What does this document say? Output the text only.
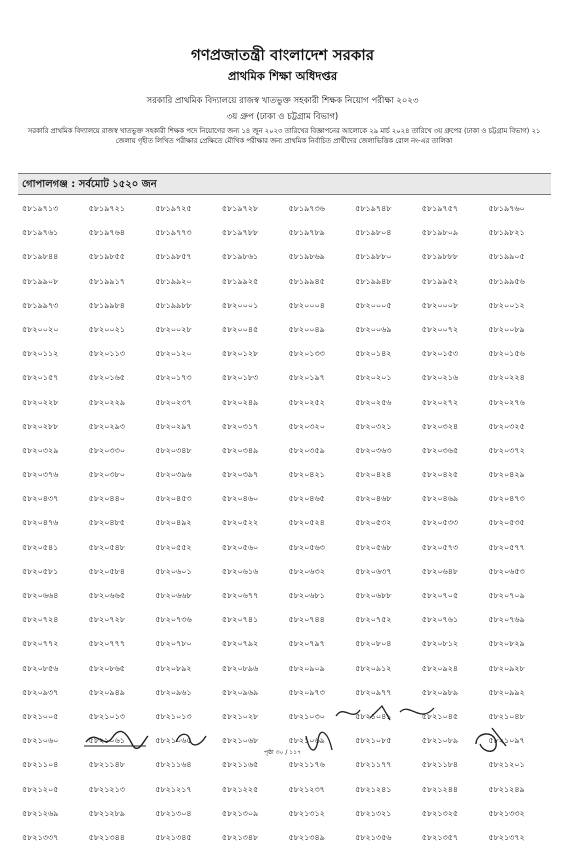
গণপ্রজাতন্ত্রী বাংলাদেশ সরকার
প্রাথমিক শিক্ষা অধিদপ্তর
সরকারি প্রাথমিক বিদ্যালয়ে রাজস্ব খাতভুক্ত সহকারী শিক্ষক নিয়োগ পরীক্ষা ২০২৩
৩য় গ্রুপ (ঢাকা ও চট্টগ্রাম বিভাগ)
সরকারি প্রাথমিক বিদ্যালয়ে রাজস্ব খাতভুক্ত সহকারী শিক্ষক পদে নিয়োগের জন্য ১৪ জুন ২০২৩ তারিখের বিজ্ঞাপনের আলোকে ২৯ মার্চ ২০২৪ তারিখে ৩য় গ্রুপের (ঢাকা ও চট্টগ্রাম বিভাগ) ২১ জেলায় গৃহীত লিখিত পরীক্ষার প্রেক্ষিতে মৌখিক পরীক্ষার জন্য প্রাথমিক নির্বাচিত প্রার্থীদের জেলাভিত্তিক রোল নং-এর তালিকা
গোপালগঞ্জ : সর্বমোট ১৫২০ জন
৫৮১৯৭১৩	৫৮১৯৭২১	৫৮১৯৭২৫	৫৮১৯৭২৮	৫৮১৯৭৩৬	৫৮১৯৭৪৮	৫৮১৯৭৫৭	৫৮১৯৭৬০
৫৮১৯৭৬১	৫৮১৯৭৬৪	৫৮১৯৭৭৩	৫৮১৯৭৮৮	৫৮১৯৭৮৯	৫৮১৯৮০৪	৫৮১৯৮০৯	৫৮১৯৮২১
৫৮১৯৮৪৪	৫৮১৯৮৫৫	৫৮১৯৮৫৭	৫৮১৯৮৬১	৫৮১৯৮৬৯	৫৮১৯৮৮০	৫৮১৯৮৮৮	৫৮১৯৯০৫
৫৮১৯৯০৮	৫৮১৯৯১৭	৫৮১৯৯২০	৫৮১৯৯২৫	৫৮১৯৯৪৫	৫৮১৯৯৪৮	৫৮১৯৯৫২	৫৮১৯৯৫৬
৫৮১৯৯৭৩	৫৮১৯৯৮৪	৫৮১৯৯৮৮	৫৮২০০০১	৫৮২০০০৪	৫৮২০০০৫	৫৮২০০০৮	৫৮২০০১২
৫৮২০০২০	৫৮২০০২১	৫৮২০০২৮	৫৮২০০৪৫	৫৮২০০৪৯	৫৮২০০৬৯	৫৮২০০৭২	৫৮২০০৮৯
৫৮২০১১২	৫৮২০১১৩	৫৮২০১২০	৫৮২০১২৮	৫৮২০১৩৩	৫৮২০১৪২	৫৮২০১৫৩	৫৮২০১৫৬
৫৮২০১৫৭	৫৮২০১৬৫	৫৮২০১৭৩	৫৮২০১৮৩	৫৮২০১৯৭	৫৮২০২০১	৫৮২০২১৬	৫৮২০২২৪
৫৮২০২২৮	৫৮২০২২৯	৫৮২০২৩৭	৫৮২০২৪৯	৫৮২০২৫২	৫৮২০২৫৬	৫৮২০২৭২	৫৮২০২৭৬
৫৮২০২৮৮	৫৮২০২৯৩	৫৮২০২৯৭	৫৮২০৩১৭	৫৮২০৩২০	৫৮২০৩২১	৫৮২০৩২৪	৫৮২০৩২৫
৫৮২০৩২৯	৫৮২০৩৩০	৫৮২০৩৪৮	৫৮২০৩৪৯	৫৮২০৩৫৯	৫৮২০৩৬৩	৫৮২০৩৬৫	৫৮২০৩৭২
৫৮২০৩৭৬	৫৮২০৩৮০	৫৮২০৩৯৬	৫৮২০৩৯৭	৫৮২০৪২১	৫৮২০৪২৪	৫৮২০৪২৫	৫৮২০৪২৯
৫৮২০৪৩৭	৫৮২০৪৪০	৫৮২০৪৫৩	৫৮২০৪৬০	৫৮২০৪৬৫	৫৮২০৪৬৮	৫৮২০৪৬৯	৫৮২০৪৭৩
৫৮২০৪৭৬	৫৮২০৪৮৫	৫৮২০৪৯২	৫৮২০৫২২	৫৮২০৫২৪	৫৮২০৫৩২	৫৮২০৫৩৩	৫৮২০৫৩৫
৫৮২০৫৪১	৫৮২০৫৪৮	৫৮২০৫৫২	৫৮২০৫৬০	৫৮২০৫৬৩	৫৮২০৫৬৮	৫৮২০৫৭৩	৫৮২০৫৭৭
৫৮২০৫৮১	৫৮২০৫৮৪	৫৮২০৬০১	৫৮২০৬১৬	৫৮২০৬৩২	৫৮২০৬৩৭	৫৮২০৬৪৮	৫৮২০৬৫৩
৫৮২০৬৬৪	৫৮২০৬৬৫	৫৮২০৬৬৮	৫৮২০৬৭৭	৫৮২০৬৮১	৫৮২০৬৮৮	৫৮২০৭০৫	৫৮২০৭০৯
৫৮২০৭২৪	৫৮২০৭২৮	৫৮২০৭৩৬	৫৮২০৭৪১	৫৮২০৭৪৪	৫৮২০৭৫২	৫৮২০৭৬১	৫৮২০৭৬৯
৫৮২০৭৭২	৫৮২০৭৭৭	৫৮২০৭৮০	৫৮২০৭৯২	৫৮২০৭৯৭	৫৮২০৮০৪	৫৮২০৮১২	৫৮২০৮২৯
৫৮২০৮৫৬	৫৮২০৮৬৫	৫৮২০৮৯২	৫৮২০৮৯৬	৫৮২০৯০৯	৫৮২০৯১২	৫৮২০৯২৪	৫৮২০৯২৮
৫৮২০৯৩৭	৫৮২০৯৪৯	৫৮২০৯৬১	৫৮২০৯৬৯	৫৮২০৯৭৩	৫৮২০৯৭৭	৫৮২০৯৮৯	৫৮২০৯৯২
৫৮২১০০৫	৫৮২১০১৩	৫৮২১০১৩	৫৮২১০২৮	৫৮২১০৩০	৫৮২১০৪১	৫৮২১০৪৫	৫৮২১০৪৮
৫৮২১০৬০	৫৮২১০৬১	৫৮২১০৬৫	৫৮২১০৬৮	৫৮২১০৬৯	৫৮২১০৮৫	৫৮২১০৮৯	৫৮২১০৯৭
৫৮২১১০৪	৫৮২১১৪৮	৫৮২১১৬৪	৫৮২১১৬৫	৫৮২১১৭৬	৫৮২১১৭৭	৫৮২১১৮৪	৫৮২১২০১
৫৮২১২০৫	৫৮২১২১৩	৫৮২১২১৭	৫৮২১২২৫	৫৮২১২৩৭	৫৮২১২৪১	৫৮২১২৪৪	৫৮২১২৪৯
৫৮২১২৬৯	৫৮২১২৮৯	৫৮২১৩০৪	৫৮২১৩০৯	৫৮২১৩১২	৫৮২১৩২১	৫৮২১৩২৫	৫৮২১৩৩২
৫৮২১৩৩৭	৫৮২১৩৪৪	৫৮২১৩৪৫	৫৮২১৩৪৮	৫৮২১৩৪৯	৫৮২১৩৫৬	৫৮২১৩৫৭	৫৮২১৩৭২
পৃষ্ঠা ৩০ / ১১৭
